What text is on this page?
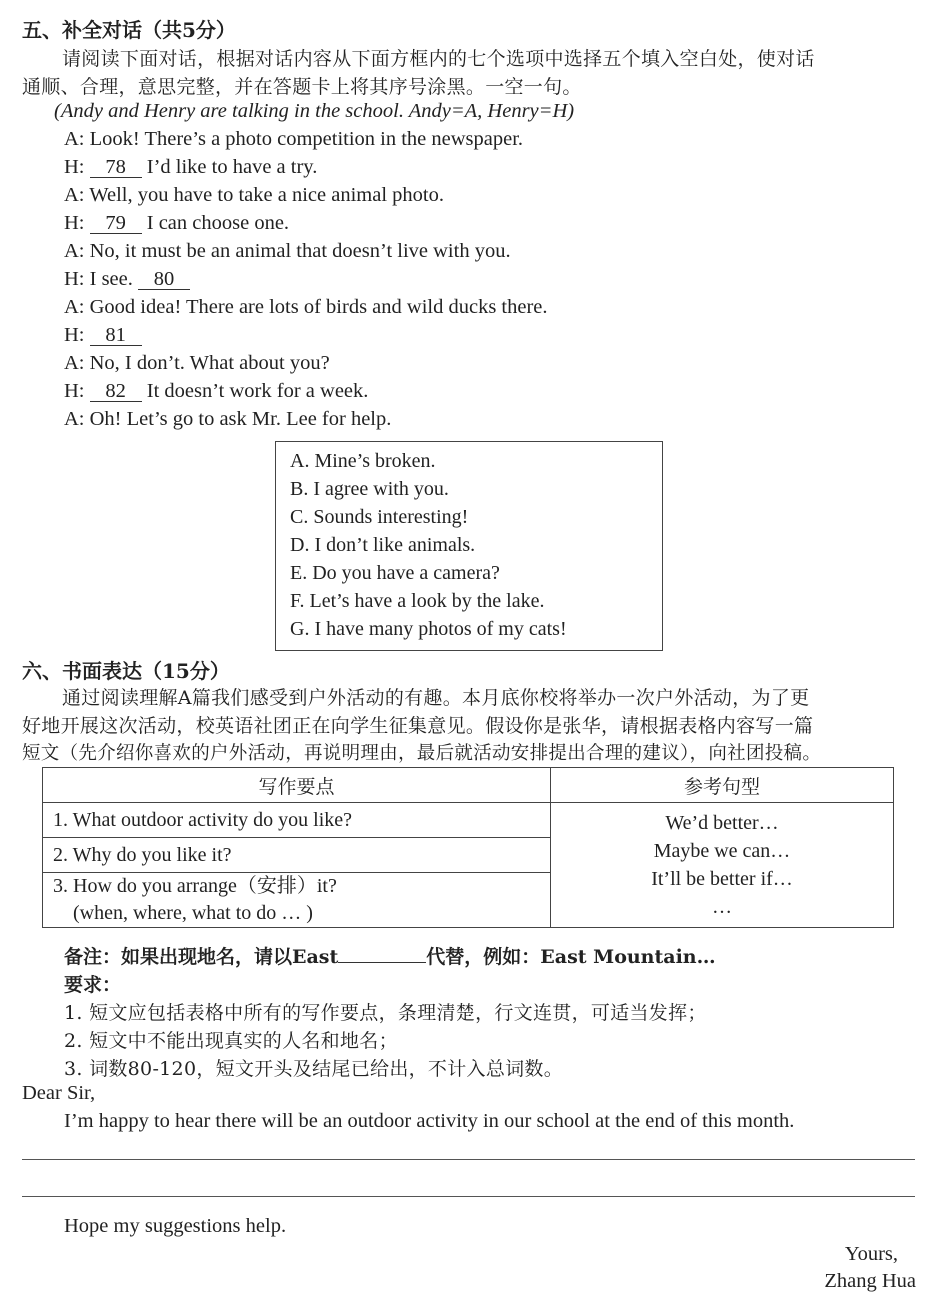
五、补全对话（共5分）
请阅读下面对话，根据对话内容从下面方框内的七个选项中选择五个填入空白处，使对话
通顺、合理，意思完整，并在答题卡上将其序号涂黑。一空一句。
(Andy and Henry are talking in the school. Andy=A, Henry=H)
A: Look! There’s a photo competition in the newspaper.
H: 78 I’d like to have a try.
A: Well, you have to take a nice animal photo.
H: 79 I can choose one.
A: No, it must be an animal that doesn’t live with you.
H: I see. 80
A: Good idea! There are lots of birds and wild ducks there.
H: 81
A: No, I don’t. What about you?
H: 82 It doesn’t work for a week.
A: Oh! Let’s go to ask Mr. Lee for help.
A. Mine’s broken.
B. I agree with you.
C. Sounds interesting!
D. I don’t like animals.
E. Do you have a camera?
F. Let’s have a look by the lake.
G. I have many photos of my cats!
六、书面表达（15分）
通过阅读理解A篇我们感受到户外活动的有趣。本月底你校将举办一次户外活动，为了更
好地开展这次活动，校英语社团正在向学生征集意见。假设你是张华，请根据表格内容写一篇
短文（先介绍你喜欢的户外活动，再说明理由，最后就活动安排提出合理的建议），向社团投稿。
写作要点	参考句型
1. What outdoor activity do you like?	We’d better…
Maybe we can…
It’ll be better if…
…

2. Why do you like it?	

3. How do you arrange（安排）it?
(when, where, what to do … )	
备注：如果出现地名，请以East	代替，例如：East Mountain…
要求：
1. 短文应包括表格中所有的写作要点，条理清楚，行文连贯，可适当发挥；
2. 短文中不能出现真实的人名和地名；
3. 词数80-120，短文开头及结尾已给出，不计入总词数。
Dear Sir,
I’m happy to hear there will be an outdoor activity in our school at the end of this month.
Hope my suggestions help.
Yours,
Zhang Hua
